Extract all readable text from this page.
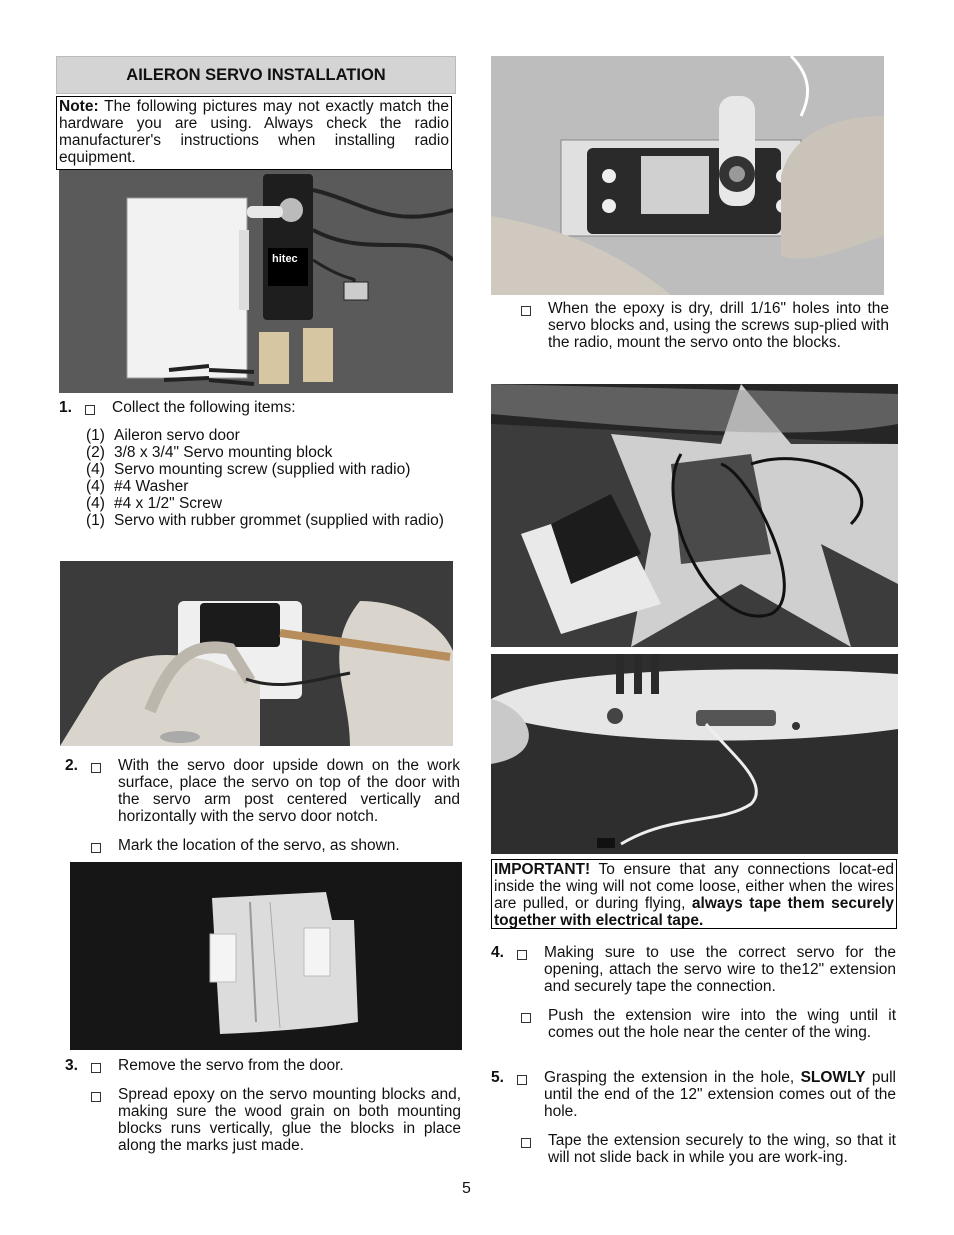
AILERON SERVO INSTALLATION
Note: The following pictures may not exactly match the hardware you are using. Always check the radio manufacturer's instructions when installing radio equipment.
hitec
1.	Collect the following items:
(1) Aileron servo door
(2) 3/8 x 3/4" Servo mounting block
(4) Servo mounting screw (supplied with radio)
(4) #4 Washer
(4) #4 x 1/2" Screw
(1) Servo with rubber grommet (supplied with radio)
2.	With the servo door upside down on the work surface, place the servo on top of the door with the servo arm post centered vertically and horizontally with the servo door notch.
Mark the location of the servo, as shown.
3.	Remove the servo from the door.
Spread epoxy on the servo mounting blocks and, making sure the wood grain on both mounting blocks runs vertically, glue the blocks in place along the marks just made.
When the epoxy is dry, drill 1/16" holes into the servo blocks and, using the screws sup-plied with the radio, mount the servo onto the blocks.
IMPORTANT! To ensure that any connections locat-ed inside the wing will not come loose, either when the wires are pulled, or during flying, always tape them securely together with electrical tape.
4.	Making sure to use the correct servo for the opening, attach the servo wire to the12" extension and securely tape the connection.
Push the extension wire into the wing until it comes out the hole near the center of the wing.
5.	Grasping the extension in the hole, SLOWLY pull until the end of the 12" extension comes out of the hole.
Tape the extension securely to the wing, so that it will not slide back in while you are work-ing.
5
